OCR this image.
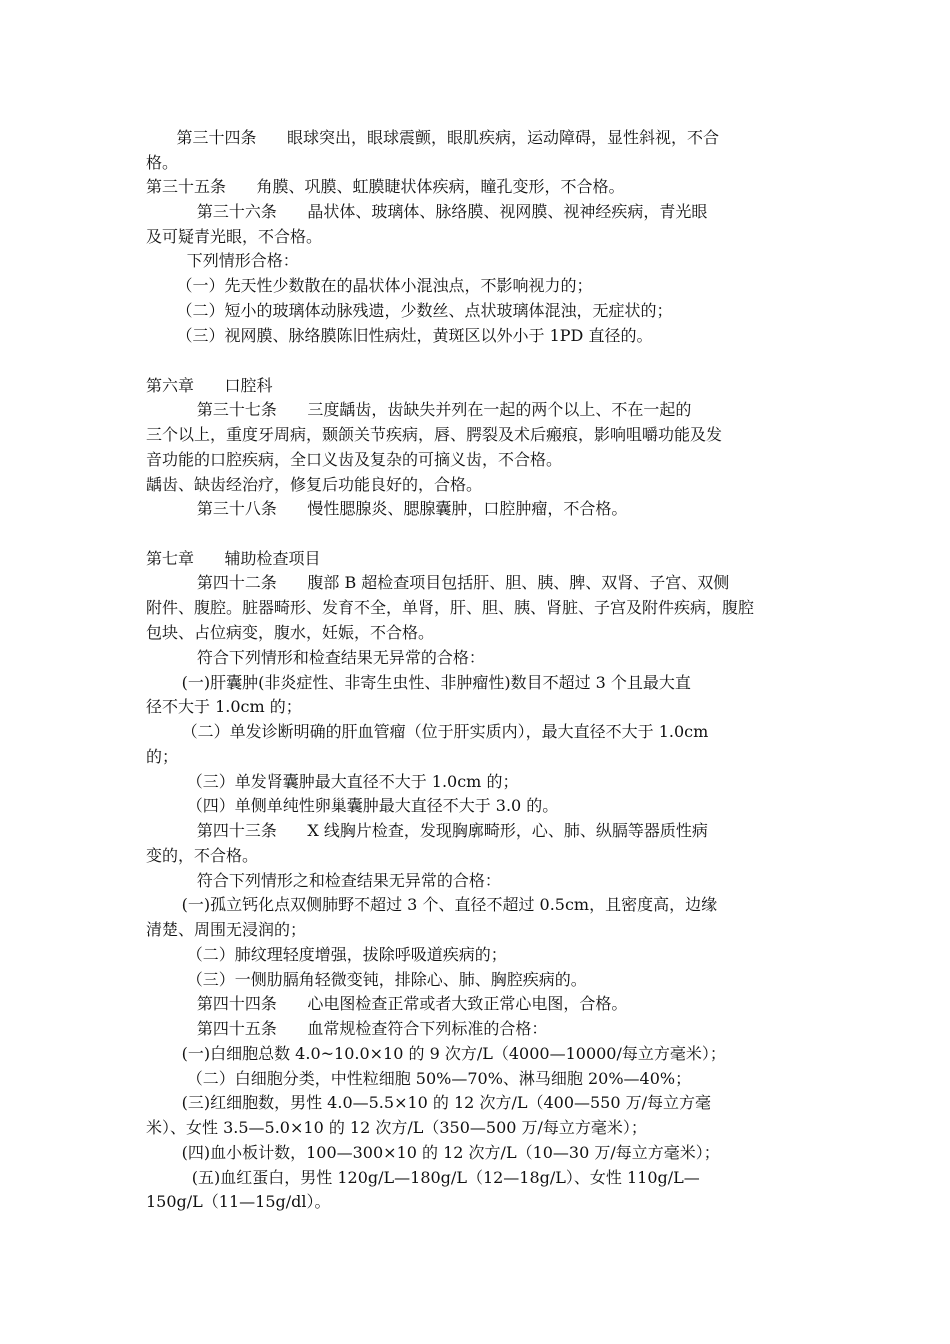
第三十四条      眼球突出，眼球震颤，眼肌疾病，运动障碍，显性斜视，不合
格。
第三十五条      角膜、巩膜、虹膜睫状体疾病，瞳孔变形，不合格。
第三十六条      晶状体、玻璃体、脉络膜、视网膜、视神经疾病，青光眼
及可疑青光眼，不合格。
下列情形合格：
（一）先天性少数散在的晶状体小混浊点，不影响视力的；
（二）短小的玻璃体动脉残遗，少数丝、点状玻璃体混浊，无症状的；
（三）视网膜、脉络膜陈旧性病灶，黄斑区以外小于 1PD 直径的。
第六章      口腔科
第三十七条      三度龋齿，齿缺失并列在一起的两个以上、不在一起的
三个以上，重度牙周病，颞颌关节疾病，唇、腭裂及术后瘢痕，影响咀嚼功能及发
音功能的口腔疾病，全口义齿及复杂的可摘义齿，不合格。
龋齿、缺齿经治疗，修复后功能良好的，合格。
第三十八条      慢性腮腺炎、腮腺囊肿，口腔肿瘤，不合格。
第七章      辅助检查项目
第四十二条      腹部 B 超检查项目包括肝、胆、胰、脾、双肾、子宫、双侧
附件、腹腔。脏器畸形、发育不全，单肾，肝、胆、胰、肾脏、子宫及附件疾病，腹腔
包块、占位病变，腹水，妊娠，不合格。
符合下列情形和检查结果无异常的合格：
(一)肝囊肿(非炎症性、非寄生虫性、非肿瘤性)数目不超过 3 个且最大直
径不大于 1.0cm 的；
（二）单发诊断明确的肝血管瘤（位于肝实质内），最大直径不大于 1.0cm
的；
（三）单发肾囊肿最大直径不大于 1.0cm 的；
（四）单侧单纯性卵巢囊肿最大直径不大于 3.0 的。
第四十三条      X 线胸片检查，发现胸廓畸形，心、肺、纵膈等器质性病
变的，不合格。
符合下列情形之和检查结果无异常的合格：
(一)孤立钙化点双侧肺野不超过 3 个、直径不超过 0.5cm，且密度高，边缘
清楚、周围无浸润的；
（二）肺纹理轻度增强，拔除呼吸道疾病的；
（三）一侧肋膈角轻微变钝，排除心、肺、胸腔疾病的。
第四十四条      心电图检查正常或者大致正常心电图，合格。
第四十五条      血常规检查符合下列标准的合格：
(一)白细胞总数 4.0~10.0×10 的 9 次方/L（4000—10000/每立方毫米）；
（二）白细胞分类，中性粒细胞 50%—70%、淋马细胞 20%—40%；
(三)红细胞数，男性 4.0—5.5×10 的 12 次方/L（400—550 万/每立方毫
米）、女性 3.5—5.0×10 的 12 次方/L（350—500 万/每立方毫米）；
(四)血小板计数，100—300×10 的 12 次方/L（10—30 万/每立方毫米）；
(五)血红蛋白，男性 120g/L—180g/L（12—18g/L）、女性 110g/L—
150g/L（11—15g/dl）。
